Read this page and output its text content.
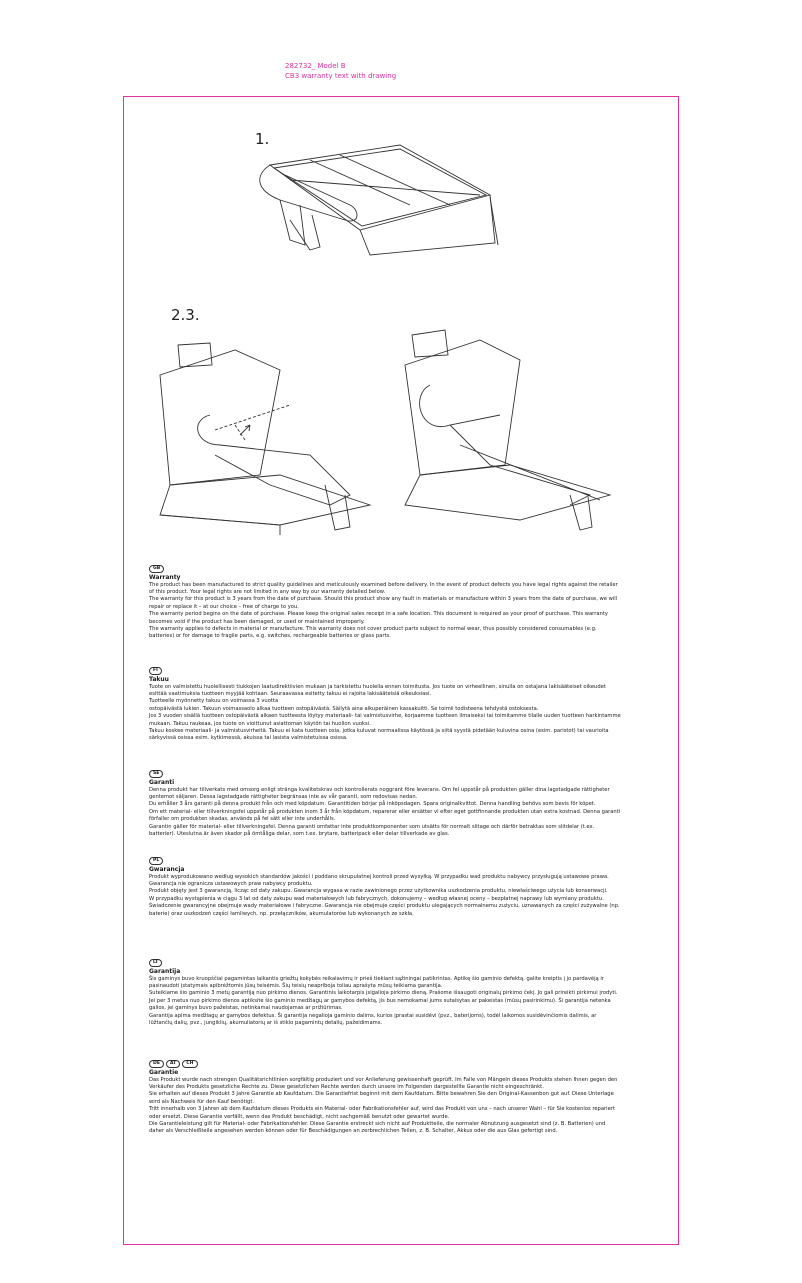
282732_ Model B
CB3 warranty text with drawing
1.
2.3.
GB
Warranty

The product has been manufactured to strict quality guidelines and meticulously examined before delivery. In the event of product defects you have legal rights against the retailer of this product. Your legal rights are not limited in any way by our warranty detailed below.

The warranty for this product is 3 years from the date of purchase. Should this product show any fault in materials or manufacture within 3 years from the date of purchase, we will repair or replace it – at our choice – free of charge to you.

The warranty period begins on the date of purchase. Please keep the original sales receipt in a safe location. This document is required as your proof of purchase. This warranty becomes void if the product has been damaged, or used or maintained improperly.

The warranty applies to defects in material or manufacture. This warranty does not cover product parts subject to normal wear, thus possibly considered consumables (e.g. batteries) or for damage to fragile parts, e.g. switches, rechargeable batteries or glass parts.

FI
Takuu

Tuote on valmistettu huolellisesti tiukkojen laatudirektiivien mukaan ja tarkistettu huolella ennen toimitusta. Jos tuote on virheellinen, sinulla on ostajana lakisääteiset oikeudet esittää vaatimuksia tuotteen myyjää kohtaan. Seuraavassa esitetty takuu ei rajoita lakisääteisiä oikeuksiasi.

Tuotteelle myönnetty takuu on voimassa 3 vuotta

ostopäivästä lukien. Takuun voimassaolo alkaa tuotteen ostopäivästä. Säilytä aina alkuperäinen kassakuitti. Se toimii todisteena tehdystä ostoksesta.

Jos 3 vuoden sisällä tuotteen ostopäivästä alkaen tuotteesta löytyy materiaali- tai valmistusvirhe, korjaamme tuotteen ilmaiseksi tai toimitamme tilalle uuden tuotteen harkintamme mukaan. Takuu raukeaa, jos tuote on vioittunut asiattoman käytön tai huollon vuoksi.

Takuu koskee materiaali- ja valmistusvirheitä. Takuu ei kata tuotteen osia, jotka kuluvat normaalissa käytössä ja siitä syystä pidetään kuluvina osina (esim. paristot) tai vaurioita särkyvissä osissa esim. kytkimessä, akuissa tai lasista valmistetuissa osissa.

SE
Garanti

Denna produkt har tillverkats med omsorg enligt stränga kvalitetskrav och kontrollerats noggrant före leverans. Om fel uppstår på produkten gäller dina lagstadgade rättigheter gentemot säljaren. Dessa lagstadgade rättigheter begränsas inte av vår garanti, som redovisas nedan.

Du erhåller 3 års garanti på denna produkt från och med köpdatum. Garantitiden börjar på inköpsdagen. Spara originalkvittot. Denna handling behövs som bevis för köpet.

Om ett material- eller tillverkningsfel uppstår på produkten inom 3 år från köpdatum, reparerar eller ersätter vi efter eget gottfinnande produkten utan extra kostnad. Denna garanti förfaller om produkten skadas, används på fel sätt eller inte underhålls.

Garantin gäller för material- eller tillverkningsfel. Denna garanti omfattar inte produktkomponenter som utsätts för normalt slitage och därför betraktas som slitdelar (t.ex. batterier). Uteslutna är även skador på ömtåliga delar, som t.ex. brytare, batteripack eller delar tillverkade av glas.

PL
Gwarancja

Produkt wyprodukowano według wysokich standardów jakości i poddano skrupulatnej kontroli przed wysyłką. W przypadku wad produktu nabywcy przysługują ustawowe prawa. Gwarancja nie ogranicza ustawowych praw nabywcy produktu.

Produkt objęty jest 3 gwarancją, licząc od daty zakupu. Gwarancja wygasa w razie zawinionego przez użytkownika uszkodzenia produktu, niewłaściwego użycia lub konserwacji.

W przypadku wystąpienia w ciągu 3 lat od daty zakupu wad materiałowych lub fabrycznych, dokonujemy – według własnej oceny – bezpłatnej naprawy lub wymiany produktu.

Świadczenie gwarancyjne obejmuje wady materiałowe i fabryczne. Gwarancja nie obejmuje części produktu ulegających normalnemu zużyciu, uznawanych za części zużywalne (np. baterie) oraz uszkodzeń części łamliwych, np. przełączników, akumulatorów lub wykonanych ze szkła.

LT
Garantija

Šis gaminys buvo kruopščiai pagamintas laikantis griežtų kokybės reikalavimų ir prieš tiekiant sąžiningai patikrintas. Aptikę šio gaminio defektą, galite kreiptis į jo pardavėją ir pasinaudoti įstatymais apibrėžtomis jūsų teisėmis. Šių teisių neapriboja toliau aprašyta mūsų teikiama garantija.

Suteikiame šio gaminio 3 metų garantiją nuo pirkimo dienos. Garantinis laikotarpis įsigalioja pirkimo dieną. Prašome išsaugoti originalų pirkimo čekį. Jo gali prireikti pirkimui įrodyti.

Jei per 3 metus nuo pirkimo dienos aptiksite šio gaminio medžiagų ar gamybos defektą, jis bus nemokamai jums sutaisytas ar pakeistas (mūsų pasirinkimu). Ši garantija netenka galios, jei gaminys buvo pažeistas, netinkamai naudojamas ar prižiūrimas.

Garantija apima medžiagų ar gamybos defektus. Ši garantija negalioja gaminio dalims, kurios įprastai susidėvi (pvz., baterijoms), todėl laikomos susidėvinčiomis dalimis, ar lūžtančių dalių, pvz., jungiklių, akumuliatorių ar iš stiklo pagamintų detalių, pažeidimams.

DE	AT	CH
Garantie

Das Produkt wurde nach strengen Qualitätsrichtlinien sorgfältig produziert und vor Anlieferung gewissenhaft geprüft. Im Falle von Mängeln dieses Produkts stehen Ihnen gegen den Verkäufer des Produkts gesetzliche Rechte zu. Diese gesetzlichen Rechte werden durch unsere im Folgenden dargestellte Garantie nicht eingeschränkt.

Sie erhalten auf dieses Produkt 3 Jahre Garantie ab Kaufdatum. Die Garantiefrist beginnt mit dem Kaufdatum. Bitte bewahren Sie den Original-Kassenbon gut auf. Diese Unterlage wird als Nachweis für den Kauf benötigt.

Tritt innerhalb von 3 Jahren ab dem Kaufdatum dieses Produkts ein Material- oder Fabrikationsfehler auf, wird das Produkt von uns – nach unserer Wahl – für Sie kostenlos repariert oder ersetzt. Diese Garantie verfällt, wenn das Produkt beschädigt, nicht sachgemäß benutzt oder gewartet wurde.

Die Garantieleistung gilt für Material- oder Fabrikationsfehler. Diese Garantie erstreckt sich nicht auf Produktteile, die normaler Abnutzung ausgesetzt sind (z. B. Batterien) und daher als Verschleißteile angesehen werden können oder für Beschädigungen an zerbrechlichen Teilen, z. B. Schalter, Akkus oder die aus Glas gefertigt sind.
